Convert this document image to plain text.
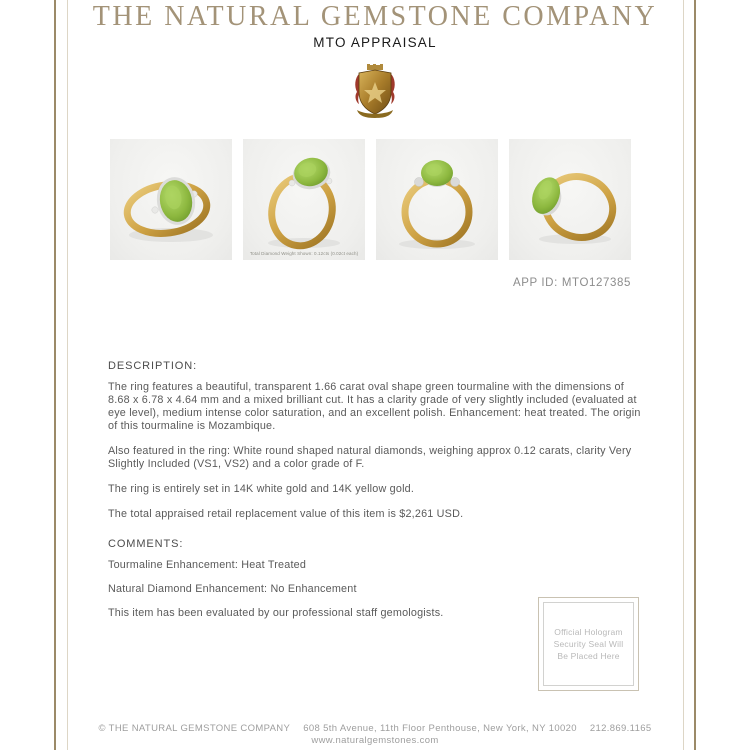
THE NATURAL GEMSTONE COMPANY
MTO APPRAISAL
Total Diamond Weight Shown: 0.12cts (0.02ct each)
APP ID: MTO127385
DESCRIPTION:

The ring features a beautiful, transparent 1.66 carat oval shape green tourmaline with the dimensions of 8.68 x 6.78 x 4.64 mm and a mixed brilliant cut. It has a clarity grade of very slightly included (evaluated at eye level), medium intense color saturation, and an excellent polish. Enhancement: heat treated. The origin of this tourmaline is Mozambique.

Also featured in the ring: White round shaped natural diamonds, weighing approx 0.12 carats, clarity Very Slightly Included (VS1, VS2) and a color grade of F.

The ring is entirely set in 14K white gold and 14K yellow gold.

The total appraised retail replacement value of this item is $2,261 USD.

COMMENTS:

Tourmaline Enhancement: Heat Treated

Natural Diamond Enhancement: No Enhancement

This item has been evaluated by our professional staff gemologists.

Official Hologram
Security Seal Will
Be Placed Here
© THE NATURAL GEMSTONE COMPANY 608 5th Avenue, 11th Floor Penthouse, New York, NY 10020 212.869.1165
www.naturalgemstones.com
